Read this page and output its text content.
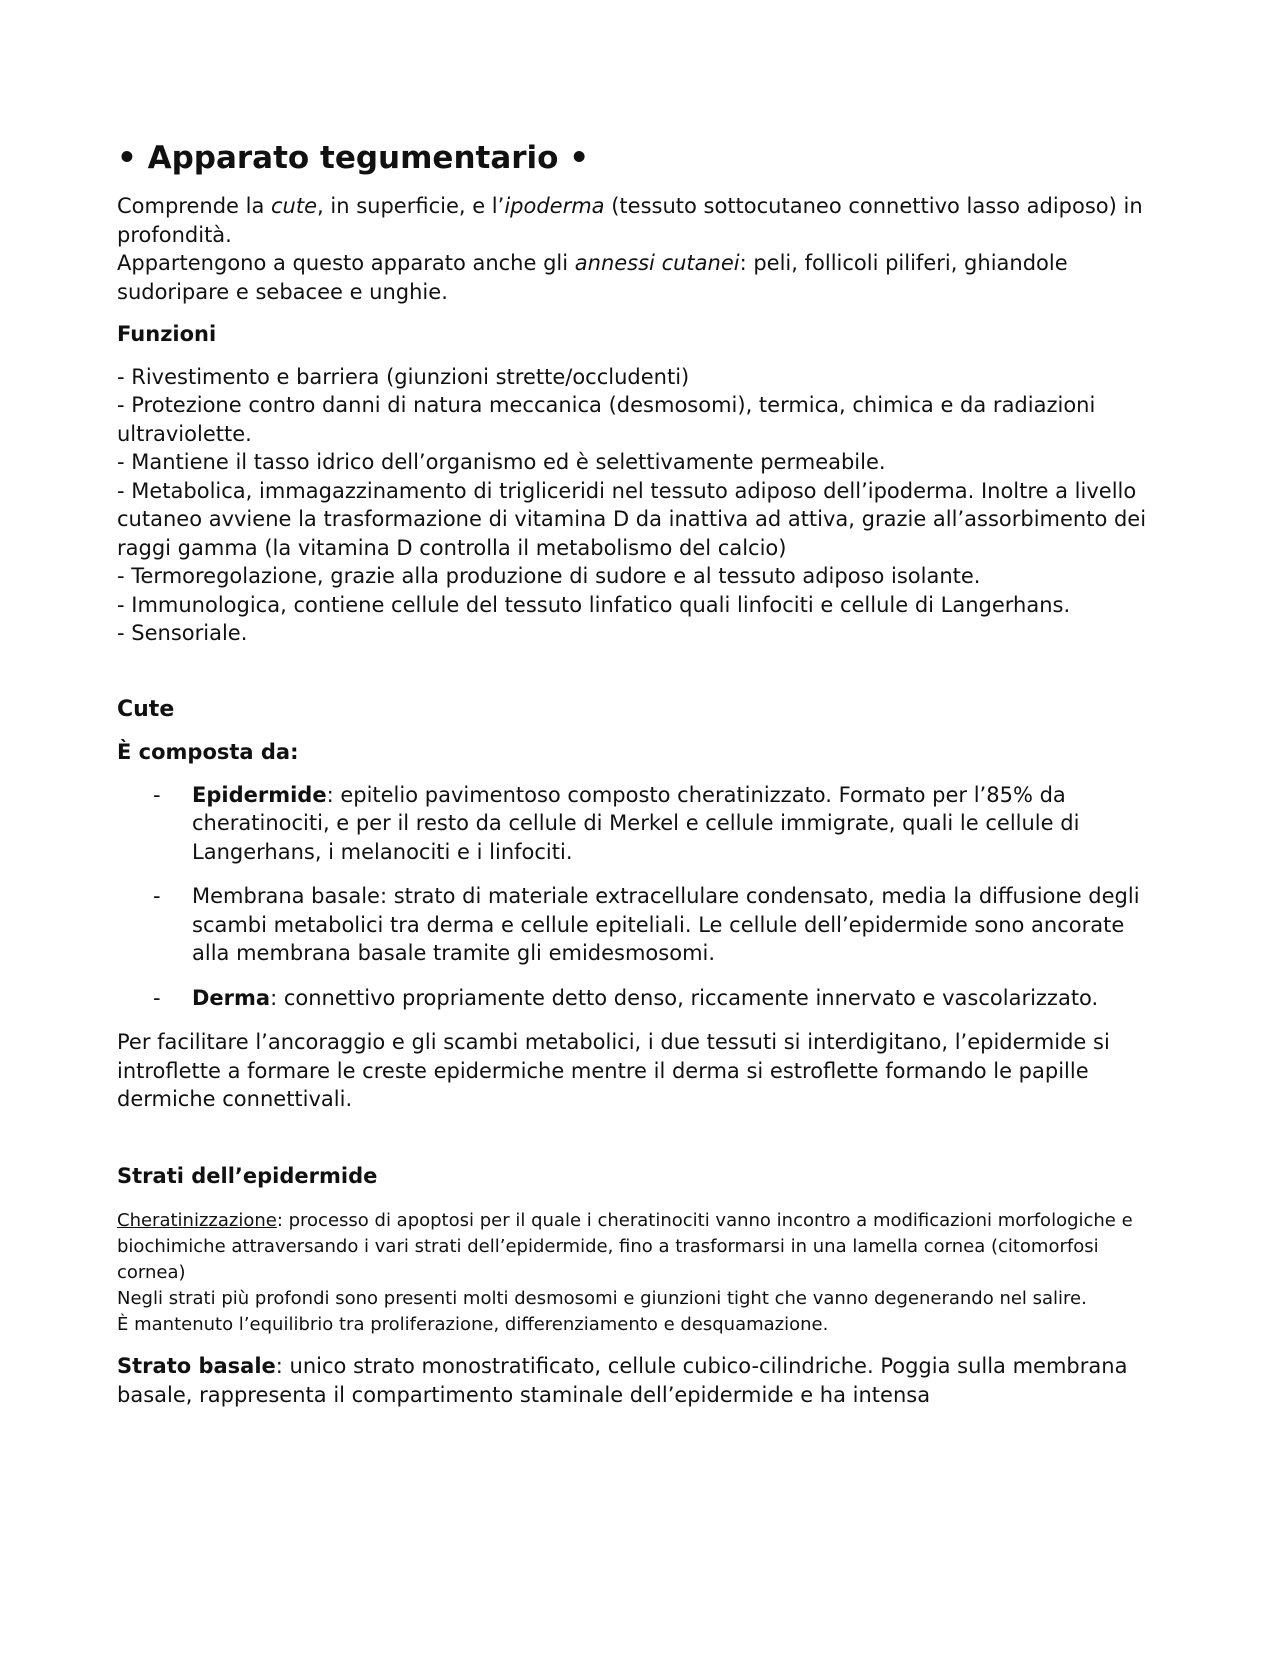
• Apparato tegumentario •

Comprende la cute, in superficie, e l’ipoderma (tessuto sottocutaneo connettivo lasso adiposo) in profondità.

Appartengono a questo apparato anche gli annessi cutanei: peli, follicoli piliferi, ghiandole sudoripare e sebacee e unghie.

Funzioni

- Rivestimento e barriera (giunzioni strette/occludenti)

- Protezione contro danni di natura meccanica (desmosomi), termica, chimica e da radiazioni ultraviolette.

- Mantiene il tasso idrico dell’organismo ed è selettivamente permeabile.

- Metabolica, immagazzinamento di trigliceridi nel tessuto adiposo dell’ipoderma. Inoltre a livello cutaneo avviene la trasformazione di vitamina D da inattiva ad attiva, grazie all’assorbimento dei raggi gamma (la vitamina D controlla il metabolismo del calcio)

- Termoregolazione, grazie alla produzione di sudore e al tessuto adiposo isolante.

- Immunologica, contiene cellule del tessuto linfatico quali linfociti e cellule di Langerhans.

- Sensoriale.

Cute

È composta da:

- Epidermide: epitelio pavimentoso composto cheratinizzato. Formato per l’85% da cheratinociti, e per il resto da cellule di Merkel e cellule immigrate, quali le cellule di Langerhans, i melanociti e i linfociti.
- Membrana basale: strato di materiale extracellulare condensato, media la diffusione degli scambi metabolici tra derma e cellule epiteliali. Le cellule dell’epidermide sono ancorate alla membrana basale tramite gli emidesmosomi.
- Derma: connettivo propriamente detto denso, riccamente innervato e vascolarizzato.

Per facilitare l’ancoraggio e gli scambi metabolici, i due tessuti si interdigitano, l’epidermide si introflette a formare le creste epidermiche mentre il derma si estroflette formando le papille dermiche connettivali.

Strati dell’epidermide

Cheratinizzazione: processo di apoptosi per il quale i cheratinociti vanno incontro a modificazioni morfologiche e biochimiche attraversando i vari strati dell’epidermide, fino a trasformarsi in una lamella cornea (citomorfosi cornea)

Negli strati più profondi sono presenti molti desmosomi e giunzioni tight che vanno degenerando nel salire.

È mantenuto l’equilibrio tra proliferazione, differenziamento e desquamazione.

Strato basale: unico strato monostratificato, cellule cubico-cilindriche. Poggia sulla membrana basale, rappresenta il compartimento staminale dell’epidermide e ha intensa
